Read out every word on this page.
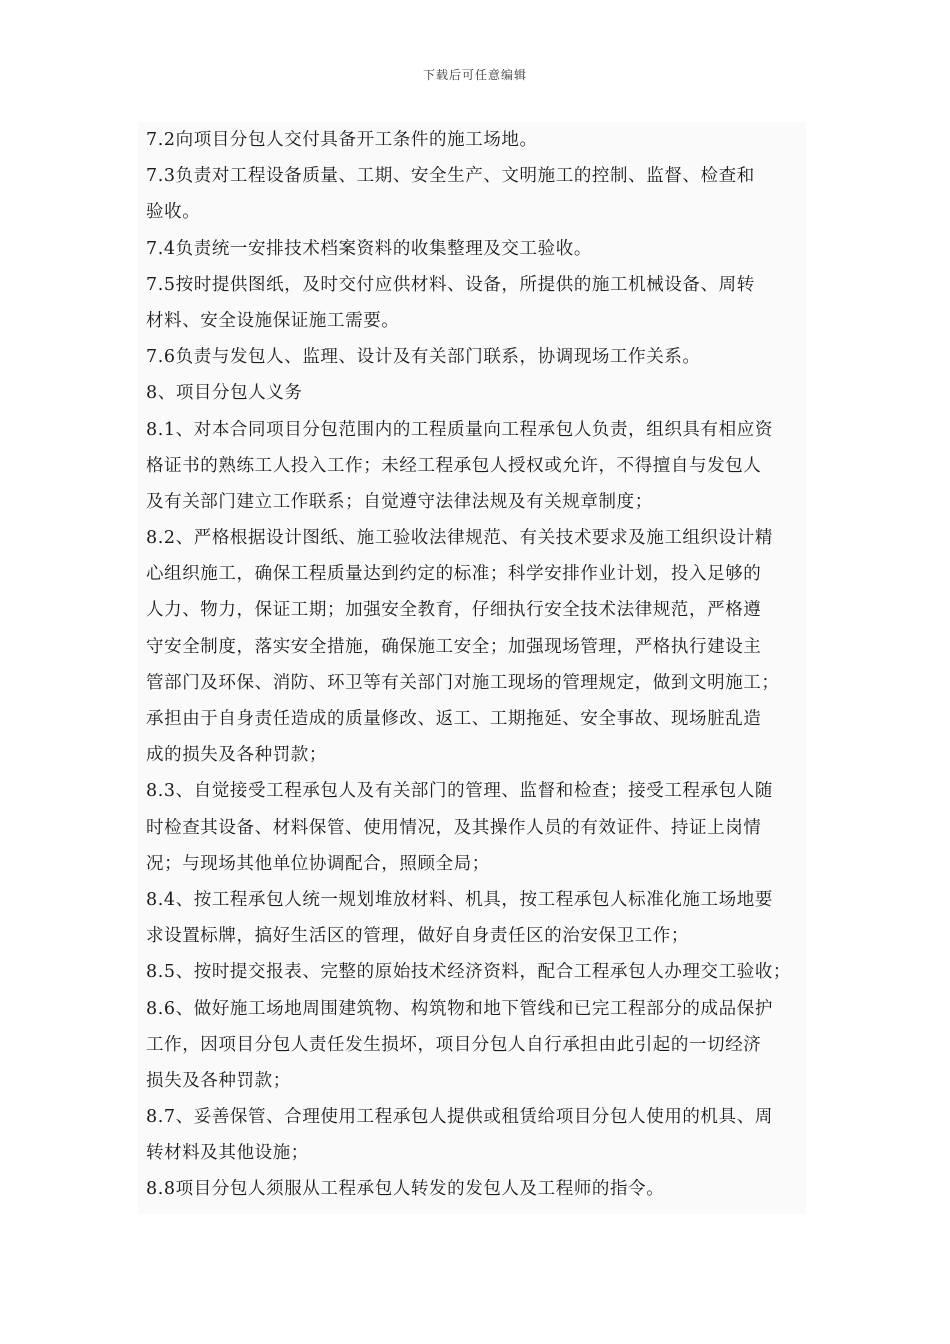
下载后可任意编辑
7.2向项目分包人交付具备开工条件的施工场地。
7.3负责对工程设备质量、工期、安全生产、文明施工的控制、监督、检查和
验收。
7.4负责统一安排技术档案资料的收集整理及交工验收。
7.5按时提供图纸，及时交付应供材料、设备，所提供的施工机械设备、周转
材料、安全设施保证施工需要。
7.6负责与发包人、监理、设计及有关部门联系，协调现场工作关系。
8、项目分包人义务
8.1、对本合同项目分包范围内的工程质量向工程承包人负责，组织具有相应资
格证书的熟练工人投入工作；未经工程承包人授权或允许，不得擅自与发包人
及有关部门建立工作联系；自觉遵守法律法规及有关规章制度；
8.2、严格根据设计图纸、施工验收法律规范、有关技术要求及施工组织设计精
心组织施工，确保工程质量达到约定的标准；科学安排作业计划，投入足够的
人力、物力，保证工期；加强安全教育，仔细执行安全技术法律规范，严格遵
守安全制度，落实安全措施，确保施工安全；加强现场管理，严格执行建设主
管部门及环保、消防、环卫等有关部门对施工现场的管理规定，做到文明施工；
承担由于自身责任造成的质量修改、返工、工期拖延、安全事故、现场脏乱造
成的损失及各种罚款；
8.3、自觉接受工程承包人及有关部门的管理、监督和检查；接受工程承包人随
时检查其设备、材料保管、使用情况，及其操作人员的有效证件、持证上岗情
况；与现场其他单位协调配合，照顾全局；
8.4、按工程承包人统一规划堆放材料、机具，按工程承包人标准化施工场地要
求设置标牌，搞好生活区的管理，做好自身责任区的治安保卫工作；
8.5、按时提交报表、完整的原始技术经济资料，配合工程承包人办理交工验收；
8.6、做好施工场地周围建筑物、构筑物和地下管线和已完工程部分的成品保护
工作，因项目分包人责任发生损坏，项目分包人自行承担由此引起的一切经济
损失及各种罚款；
8.7、妥善保管、合理使用工程承包人提供或租赁给项目分包人使用的机具、周
转材料及其他设施；
8.8项目分包人须服从工程承包人转发的发包人及工程师的指令。
